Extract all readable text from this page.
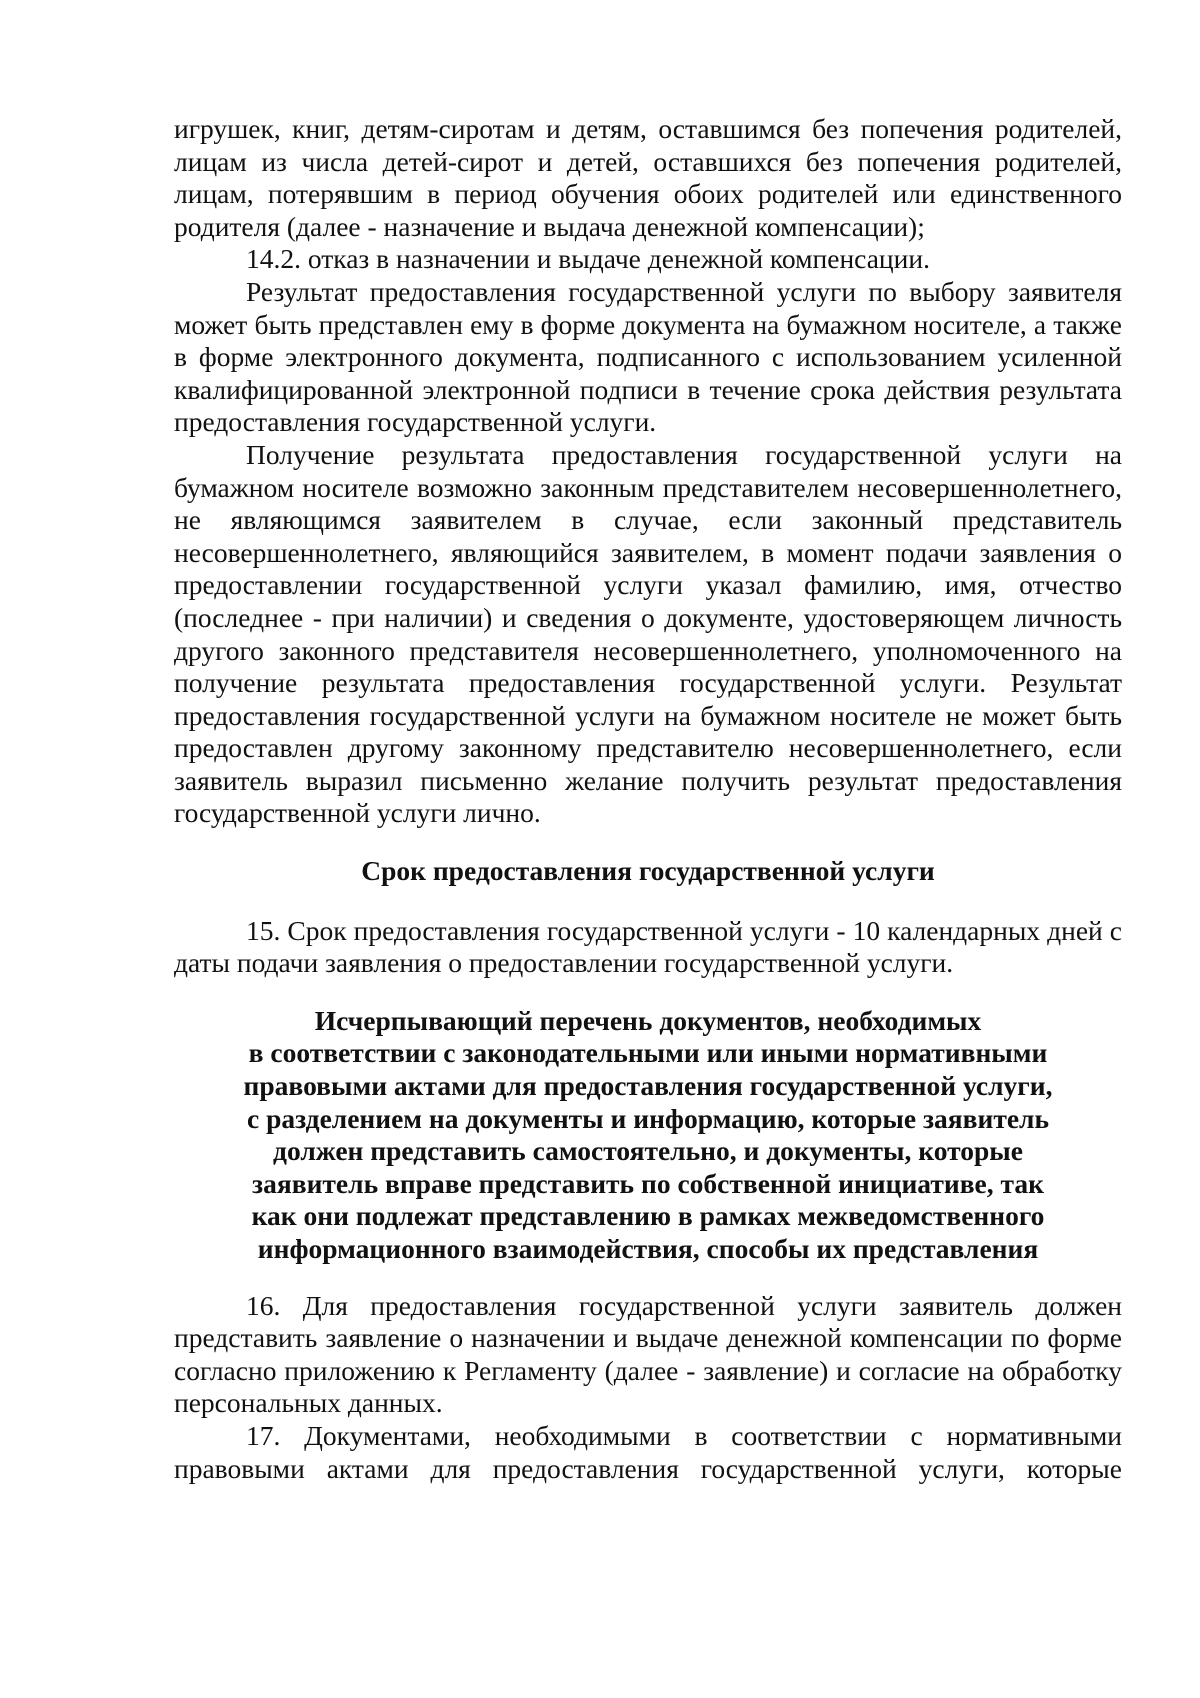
игрушек, книг, детям-сиротам и детям, оставшимся без попечения родителей, лицам из числа детей-сирот и детей, оставшихся без попечения родителей, лицам, потерявшим в период обучения обоих родителей или единственного родителя (далее - назначение и выдача денежной компенсации);

14.2. отказ в назначении и выдаче денежной компенсации.

Результат предоставления государственной услуги по выбору заявителя может быть представлен ему в форме документа на бумажном носителе, а также в форме электронного документа, подписанного с использованием усиленной квалифицированной электронной подписи в течение срока действия результата предоставления государственной услуги.

Получение результата предоставления государственной услуги на бумажном носителе возможно законным представителем несовершеннолетнего, не являющимся заявителем в случае, если законный представитель несовершеннолетнего, являющийся заявителем, в момент подачи заявления о предоставлении государственной услуги указал фамилию, имя, отчество (последнее - при наличии) и сведения о документе, удостоверяющем личность другого законного представителя несовершеннолетнего, уполномоченного на получение результата предоставления государственной услуги. Результат предоставления государственной услуги на бумажном носителе не может быть предоставлен другому законному представителю несовершеннолетнего, если заявитель выразил письменно желание получить результат предоставления государственной услуги лично.

Срок предоставления государственной услуги

15. Срок предоставления государственной услуги - 10 календарных дней с даты подачи заявления о предоставлении государственной услуги.

Исчерпывающий перечень документов, необходимых
в соответствии с законодательными или иными нормативными
правовыми актами для предоставления государственной услуги,
с разделением на документы и информацию, которые заявитель
должен представить самостоятельно, и документы, которые
заявитель вправе представить по собственной инициативе, так
как они подлежат представлению в рамках межведомственного
информационного взаимодействия, способы их представления

16. Для предоставления государственной услуги заявитель должен представить заявление о назначении и выдаче денежной компенсации по форме согласно приложению к Регламенту (далее - заявление) и согласие на обработку персональных данных.

17. Документами, необходимыми в соответствии с нормативными правовыми актами для предоставления государственной услуги, которые
